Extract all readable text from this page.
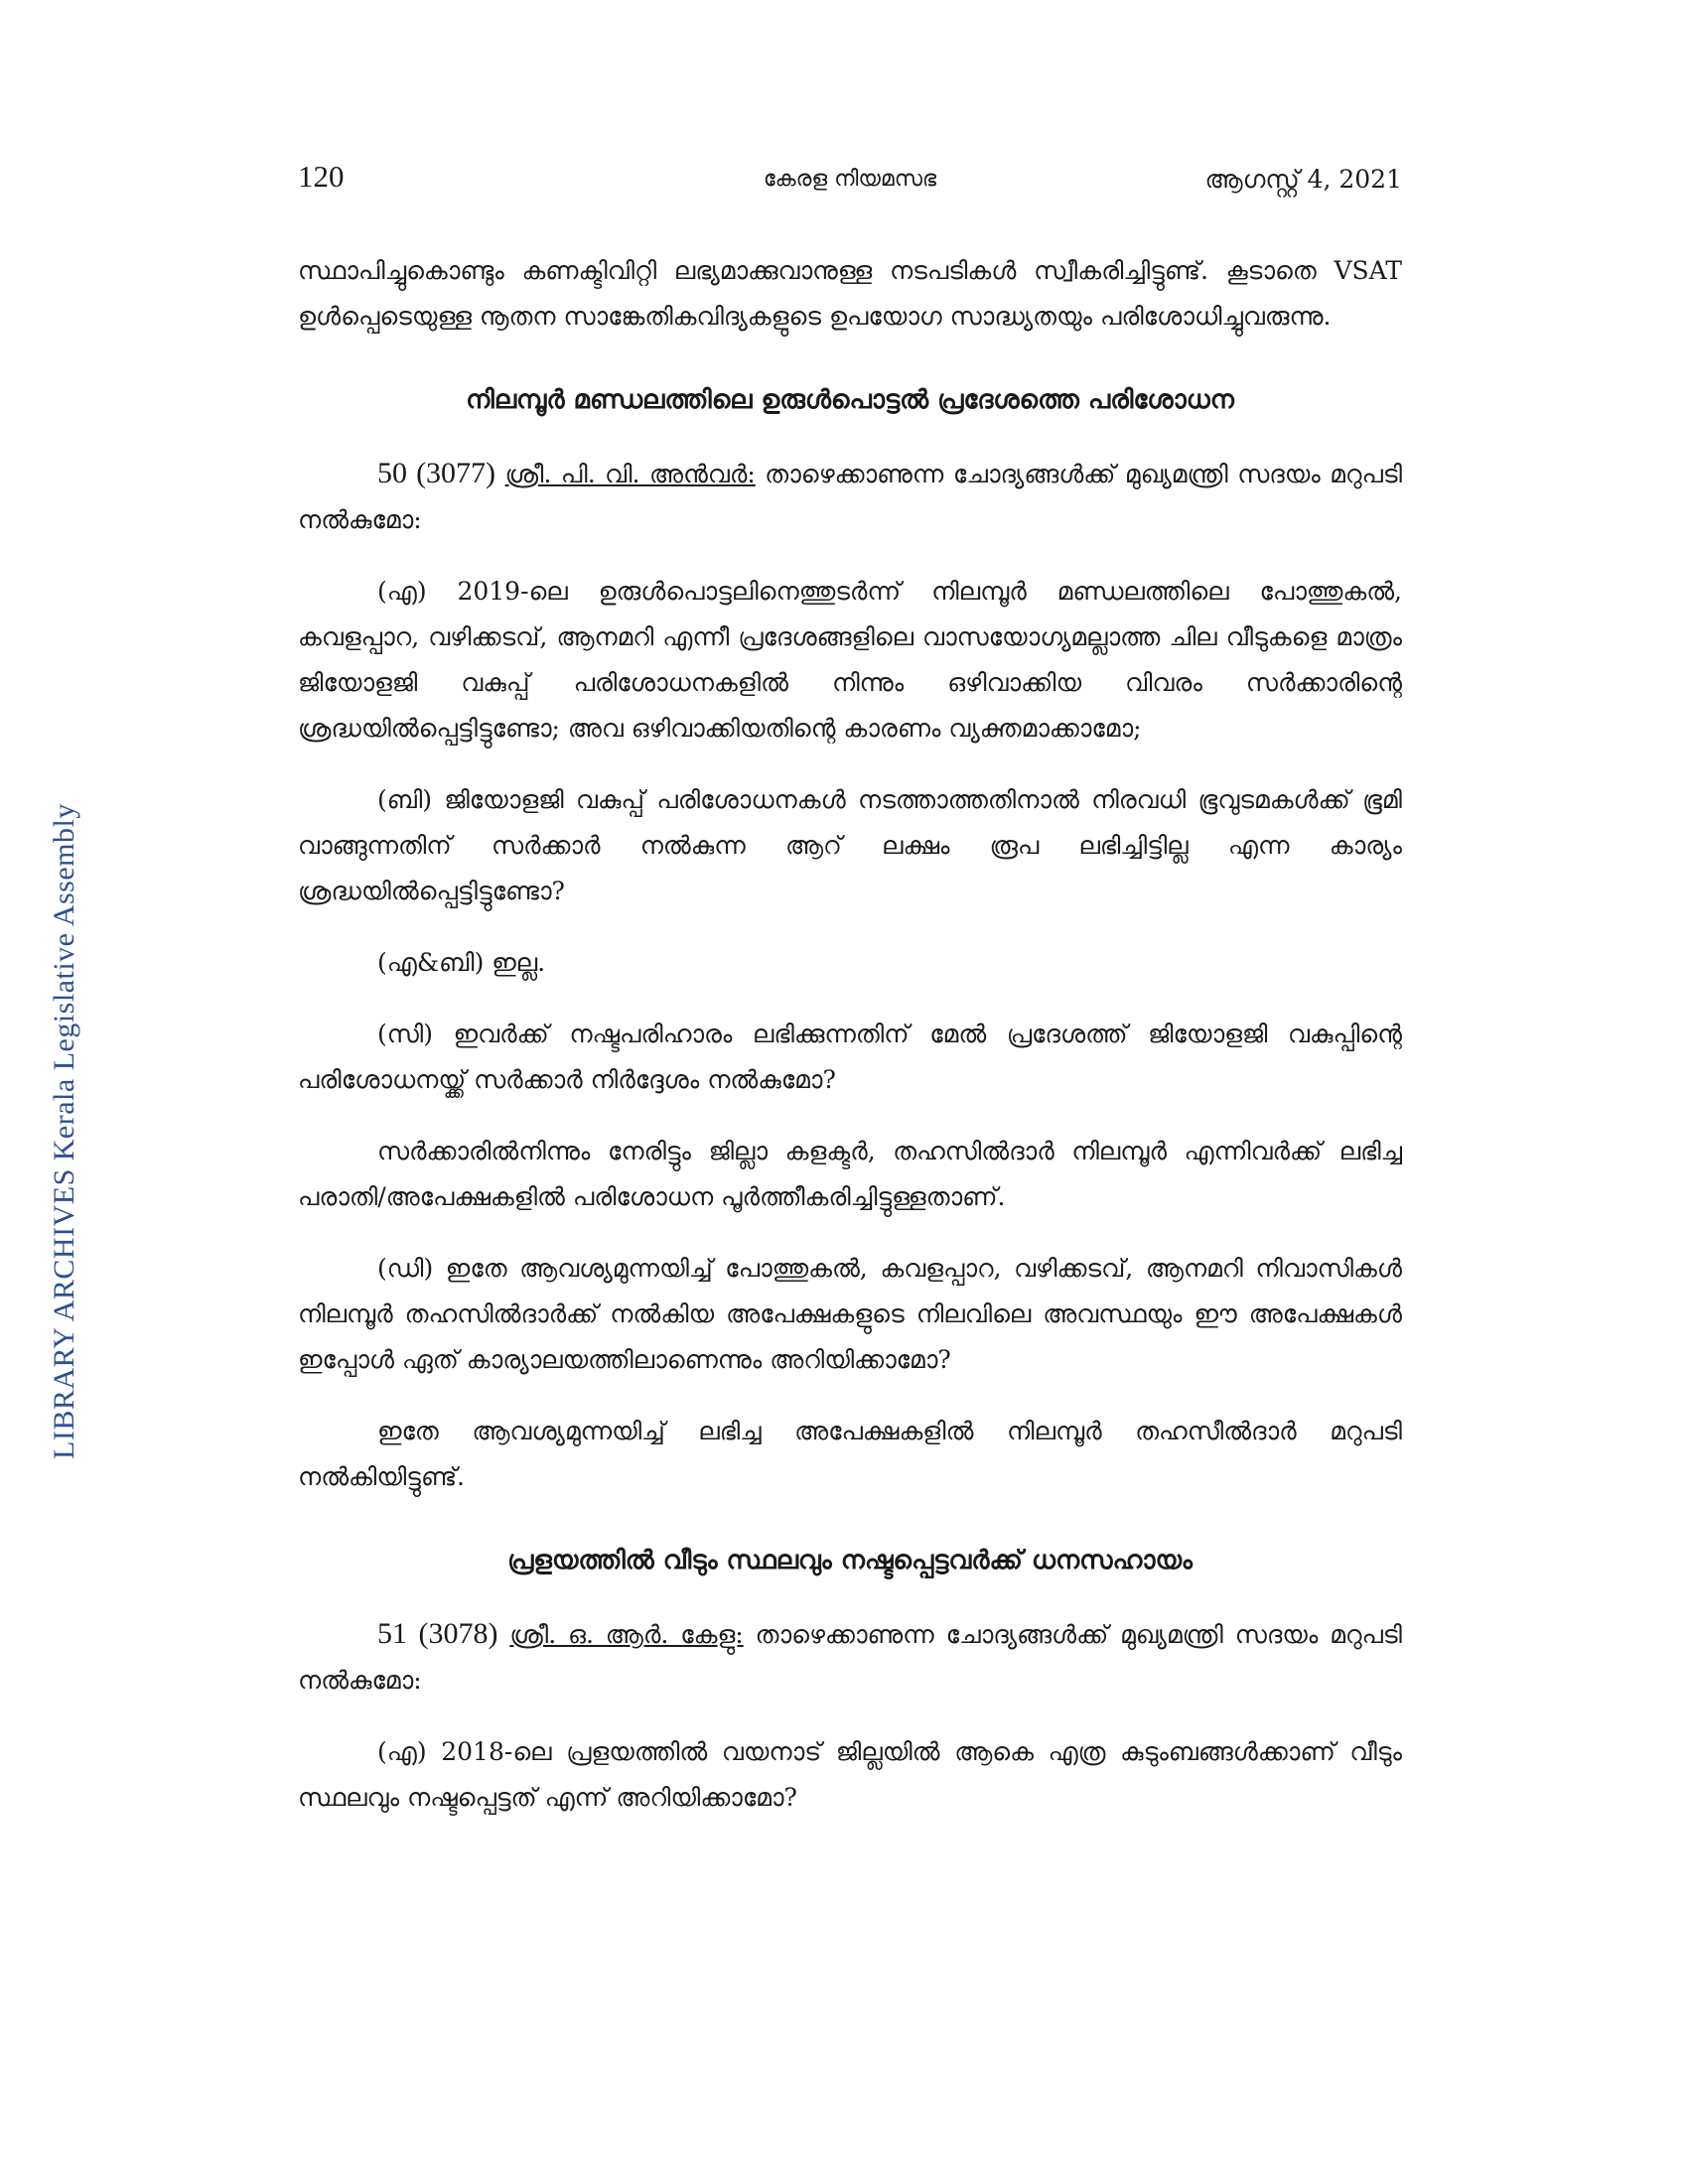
LIBRARY ARCHIVES Kerala Legislative Assembly
120	കേരള നിയമസഭ	ആഗസ്റ്റ് 4, 2021

സ്ഥാപിച്ചുകൊണ്ടും കണക്ടിവിറ്റി ലഭ്യമാക്കുവാനുള്ള നടപടികൾ സ്വീകരിച്ചിട്ടുണ്ട്. കൂടാതെ VSAT ഉൾപ്പെടെയുള്ള നൂതന സാങ്കേതികവിദ്യകളുടെ ഉപയോഗ സാദ്ധ്യതയും പരിശോധിച്ചുവരുന്നു.

നിലമ്പൂർ മണ്ഡലത്തിലെ ഉരുൾപൊട്ടൽ പ്രദേശത്തെ പരിശോധന

50 (3077) ശ്രീ. പി. വി. അൻവർ: താഴെക്കാണുന്ന ചോദ്യങ്ങൾക്ക് മുഖ്യമന്ത്രി സദയം മറുപടി നൽകുമോ:

(എ) 2019-ലെ ഉരുൾപൊട്ടലിനെത്തുടർന്ന് നിലമ്പൂർ മണ്ഡലത്തിലെ പോത്തുകൽ, കവളപ്പാറ, വഴിക്കടവ്, ആനമറി എന്നീ പ്രദേശങ്ങളിലെ വാസയോഗ്യമല്ലാത്ത ചില വീടുകളെ മാത്രം ജിയോളജി വകുപ്പ് പരിശോധനകളിൽ നിന്നും ഒഴിവാക്കിയ വിവരം സർക്കാരിന്റെ ശ്രദ്ധയിൽപ്പെട്ടിട്ടുണ്ടോ; അവ ഒഴിവാക്കിയതിന്റെ കാരണം വ്യക്തമാക്കാമോ;

(ബി) ജിയോളജി വകുപ്പ് പരിശോധനകൾ നടത്താത്തതിനാൽ നിരവധി ഭൂവുടമകൾക്ക് ഭൂമി വാങ്ങുന്നതിന് സർക്കാർ നൽകുന്ന ആറ് ലക്ഷം രൂപ ലഭിച്ചിട്ടില്ല എന്ന കാര്യം ശ്രദ്ധയിൽപ്പെട്ടിട്ടുണ്ടോ?

(എ&ബി) ഇല്ല.

(സി) ഇവർക്ക് നഷ്ടപരിഹാരം ലഭിക്കുന്നതിന് മേൽ പ്രദേശത്ത് ജിയോളജി വകുപ്പിന്റെ പരിശോധനയ്ക്ക് സർക്കാർ നിർദ്ദേശം നൽകുമോ?

സർക്കാരിൽനിന്നും നേരിട്ടും ജില്ലാ കളക്ടർ, തഹസിൽദാർ നിലമ്പൂർ എന്നിവർക്ക് ലഭിച്ച പരാതി/അപേക്ഷകളിൽ പരിശോധന പൂർത്തീകരിച്ചിട്ടുള്ളതാണ്.

(ഡി) ഇതേ ആവശ്യമുന്നയിച്ച് പോത്തുകൽ, കവളപ്പാറ, വഴിക്കടവ്, ആനമറി നിവാസികൾ നിലമ്പൂർ തഹസിൽദാർക്ക് നൽകിയ അപേക്ഷകളുടെ നിലവിലെ അവസ്ഥയും ഈ അപേക്ഷകൾ ഇപ്പോൾ ഏത് കാര്യാലയത്തിലാണെന്നും അറിയിക്കാമോ?

ഇതേ ആവശ്യമുന്നയിച്ച് ലഭിച്ച അപേക്ഷകളിൽ നിലമ്പൂർ തഹസീൽദാർ മറുപടി നൽകിയിട്ടുണ്ട്.

പ്രളയത്തിൽ വീടും സ്ഥലവും നഷ്ടപ്പെട്ടവർക്ക് ധനസഹായം

51 (3078) ശ്രീ. ഒ. ആർ. കേളു: താഴെക്കാണുന്ന ചോദ്യങ്ങൾക്ക് മുഖ്യമന്ത്രി സദയം മറുപടി നൽകുമോ:

(എ) 2018-ലെ പ്രളയത്തിൽ വയനാട് ജില്ലയിൽ ആകെ എത്ര കുടുംബങ്ങൾക്കാണ് വീടും സ്ഥലവും നഷ്ടപ്പെട്ടത് എന്ന് അറിയിക്കാമോ?
